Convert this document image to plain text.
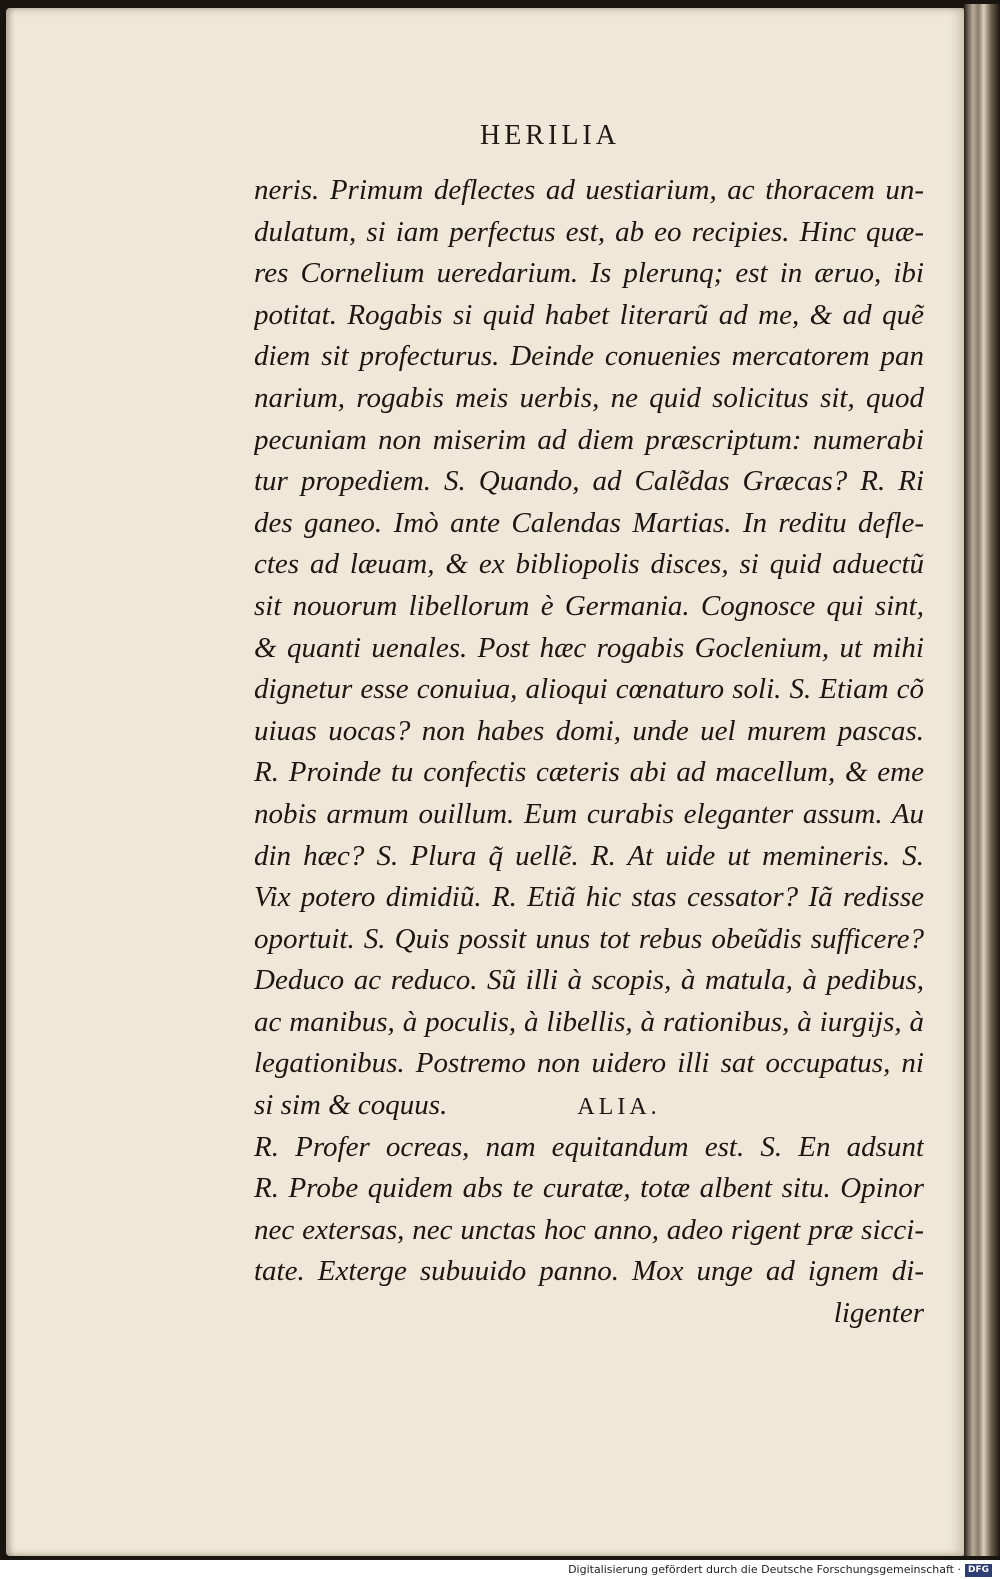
HERILIA
neris. Primum deflectes ad uestiarium, ac thoracem un-
dulatum, si iam perfectus est, ab eo recipies. Hinc quæ-
res Cornelium ueredarium. Is plerunq; est in æruo, ibi
potitat. Rogabis si quid habet literarũ ad me, & ad quẽ
diem sit profecturus. Deinde conuenies mercatorem pan
narium, rogabis meis uerbis, ne quid solicitus sit, quod
pecuniam non miserim ad diem præscriptum: numerabi
tur propediem. S. Quando, ad Calẽdas Græcas? R. Ri
des ganeo. Imò ante Calendas Martias. In reditu defle-
ctes ad læuam, & ex bibliopolis disces, si quid aduectũ
sit nouorum libellorum è Germania. Cognosce qui sint,
& quanti uenales. Post hæc rogabis Goclenium, ut mihi
dignetur esse conuiua, alioqui cœnaturo soli. S. Etiam cõ
uiuas uocas? non habes domi, unde uel murem pascas.
R. Proinde tu confectis cæteris abi ad macellum, & eme
nobis armum ouillum. Eum curabis eleganter assum. Au
din hæc? S. Plura q̃ uellẽ. R. At uide ut memineris. S.
Vix potero dimidiũ. R. Etiã hic stas cessator? Iã redisse
oportuit. S. Quis possit unus tot rebus obeũdis sufficere?
Deduco ac reduco. Sũ illi à scopis, à matula, à pedibus,
ac manibus, à poculis, à libellis, à rationibus, à iurgijs, à
legationibus. Postremo non uidero illi sat occupatus, ni
si sim & coquus.	ALIA.
R. Profer ocreas, nam equitandum est. S. En adsunt
R. Probe quidem abs te curatæ, totæ albent situ. Opinor
nec extersas, nec unctas hoc anno, adeo rigent præ sicci-
tate. Exterge subuuido panno. Mox unge ad ignem di-
ligenter
Digitalisierung gefördert durch die Deutsche Forschungsgemeinschaft · DFG
